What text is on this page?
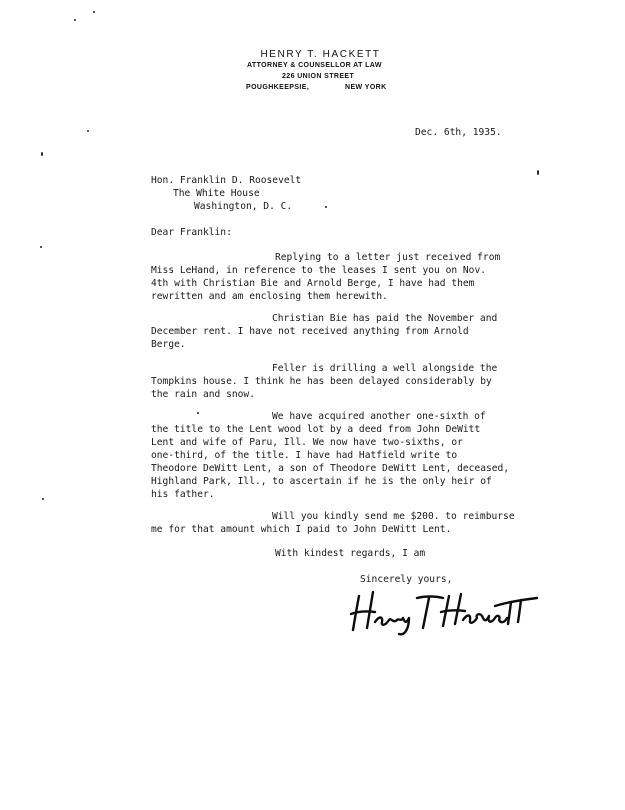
HENRY T. HACKETT
ATTORNEY & COUNSELLOR AT LAW
226 UNION STREET
POUGHKEEPSIE,	NEW YORK
Dec. 6th, 1935.
Hon. Franklin D. Roosevelt
The White House
Washington, D. C.
Dear Franklin:
Replying to a letter just received from
Miss LeHand, in reference to the leases I sent you on Nov.
4th with Christian Bie and Arnold Berge, I have had them
rewritten and am enclosing them herewith.
Christian Bie has paid the November and
December rent. I have not received anything from Arnold
Berge.
Feller is drilling a well alongside the
Tompkins house. I think he has been delayed considerably by
the rain and snow.
We have acquired another one-sixth of
the title to the Lent wood lot by a deed from John DeWitt
Lent and wife of Paru, Ill. We now have two-sixths, or
one-third, of the title. I have had Hatfield write to
Theodore DeWitt Lent, a son of Theodore DeWitt Lent, deceased,
Highland Park, Ill., to ascertain if he is the only heir of
his father.
Will you kindly send me $200. to reimburse
me for that amount which I paid to John DeWitt Lent.
With kindest regards, I am
Sincerely yours,
